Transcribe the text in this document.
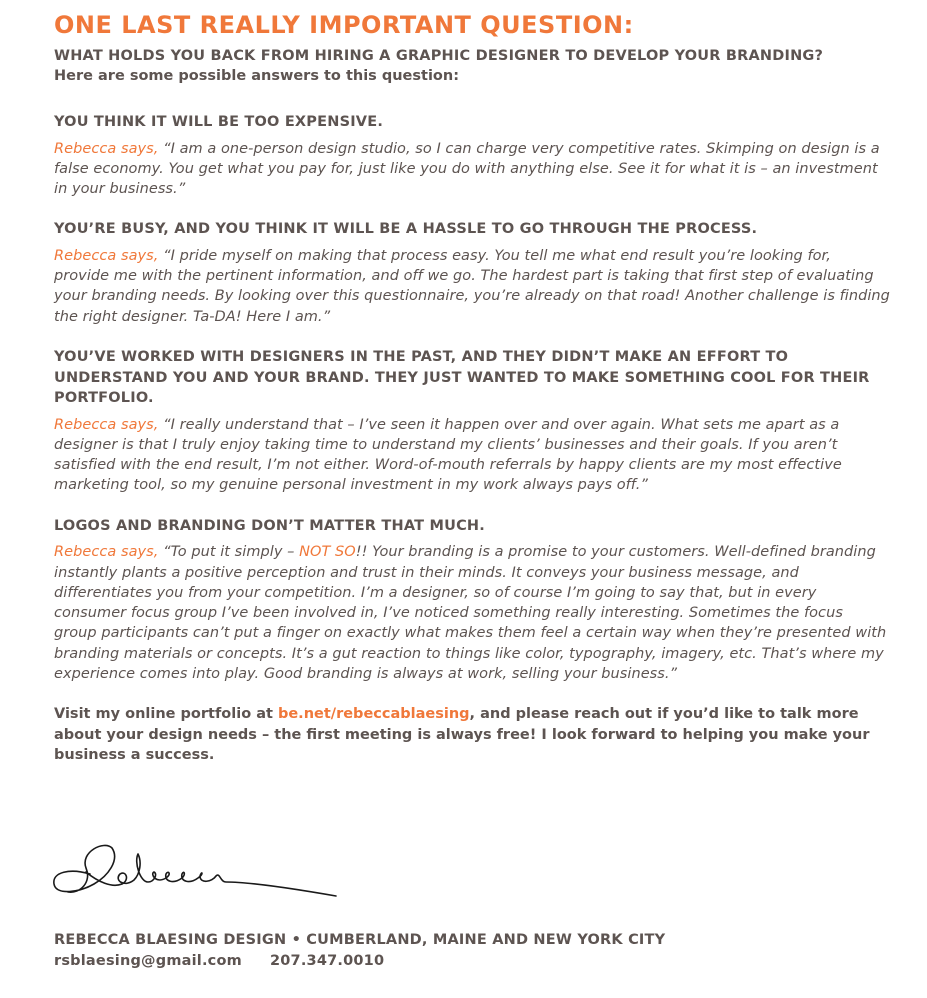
ONE LAST REALLY IMPORTANT QUESTION:

WHAT HOLDS YOU BACK FROM HIRING A GRAPHIC DESIGNER TO DEVELOP YOUR BRANDING?

Here are some possible answers to this question:

YOU THINK IT WILL BE TOO EXPENSIVE.

Rebecca says, “I am a one-person design studio, so I can charge very competitive rates. Skimping on design is a false economy. You get what you pay for, just like you do with anything else. See it for what it is – an investment in your business.”

YOU’RE BUSY, AND YOU THINK IT WILL BE A HASSLE TO GO THROUGH THE PROCESS.

Rebecca says, “I pride myself on making that process easy. You tell me what end result you’re looking for, provide me with the pertinent information, and off we go. The hardest part is taking that first step of evaluating your branding needs. By looking over this questionnaire, you’re already on that road! Another challenge is finding the right designer. Ta-DA! Here I am.”

YOU’VE WORKED WITH DESIGNERS IN THE PAST, AND THEY DIDN’T MAKE AN EFFORT TO UNDERSTAND YOU AND YOUR BRAND. THEY JUST WANTED TO MAKE SOMETHING COOL FOR THEIR PORTFOLIO.

Rebecca says, “I really understand that – I’ve seen it happen over and over again. What sets me apart as a designer is that I truly enjoy taking time to understand my clients’ businesses and their goals. If you aren’t satisfied with the end result, I’m not either. Word-of-mouth referrals by happy clients are my most effective marketing tool, so my genuine personal investment in my work always pays off.”

LOGOS AND BRANDING DON’T MATTER THAT MUCH.

Rebecca says, “To put it simply – NOT SO!! Your branding is a promise to your customers. Well-defined branding instantly plants a positive perception and trust in their minds. It conveys your business message, and differentiates you from your competition. I’m a designer, so of course I’m going to say that, but in every consumer focus group I’ve been involved in, I’ve noticed something really interesting. Sometimes the focus group participants can’t put a finger on exactly what makes them feel a certain way when they’re presented with branding materials or concepts. It’s a gut reaction to things like color, typography, imagery, etc. That’s where my experience comes into play. Good branding is always at work, selling your business.”

Visit my online portfolio at be.net/rebeccablaesing, and please reach out if you’d like to talk more about your design needs – the first meeting is always free! I look forward to helping you make your business a success.

REBECCA BLAESING DESIGN • CUMBERLAND, MAINE AND NEW YORK CITY

rsblaesing@gmail.com 207.347.0010
